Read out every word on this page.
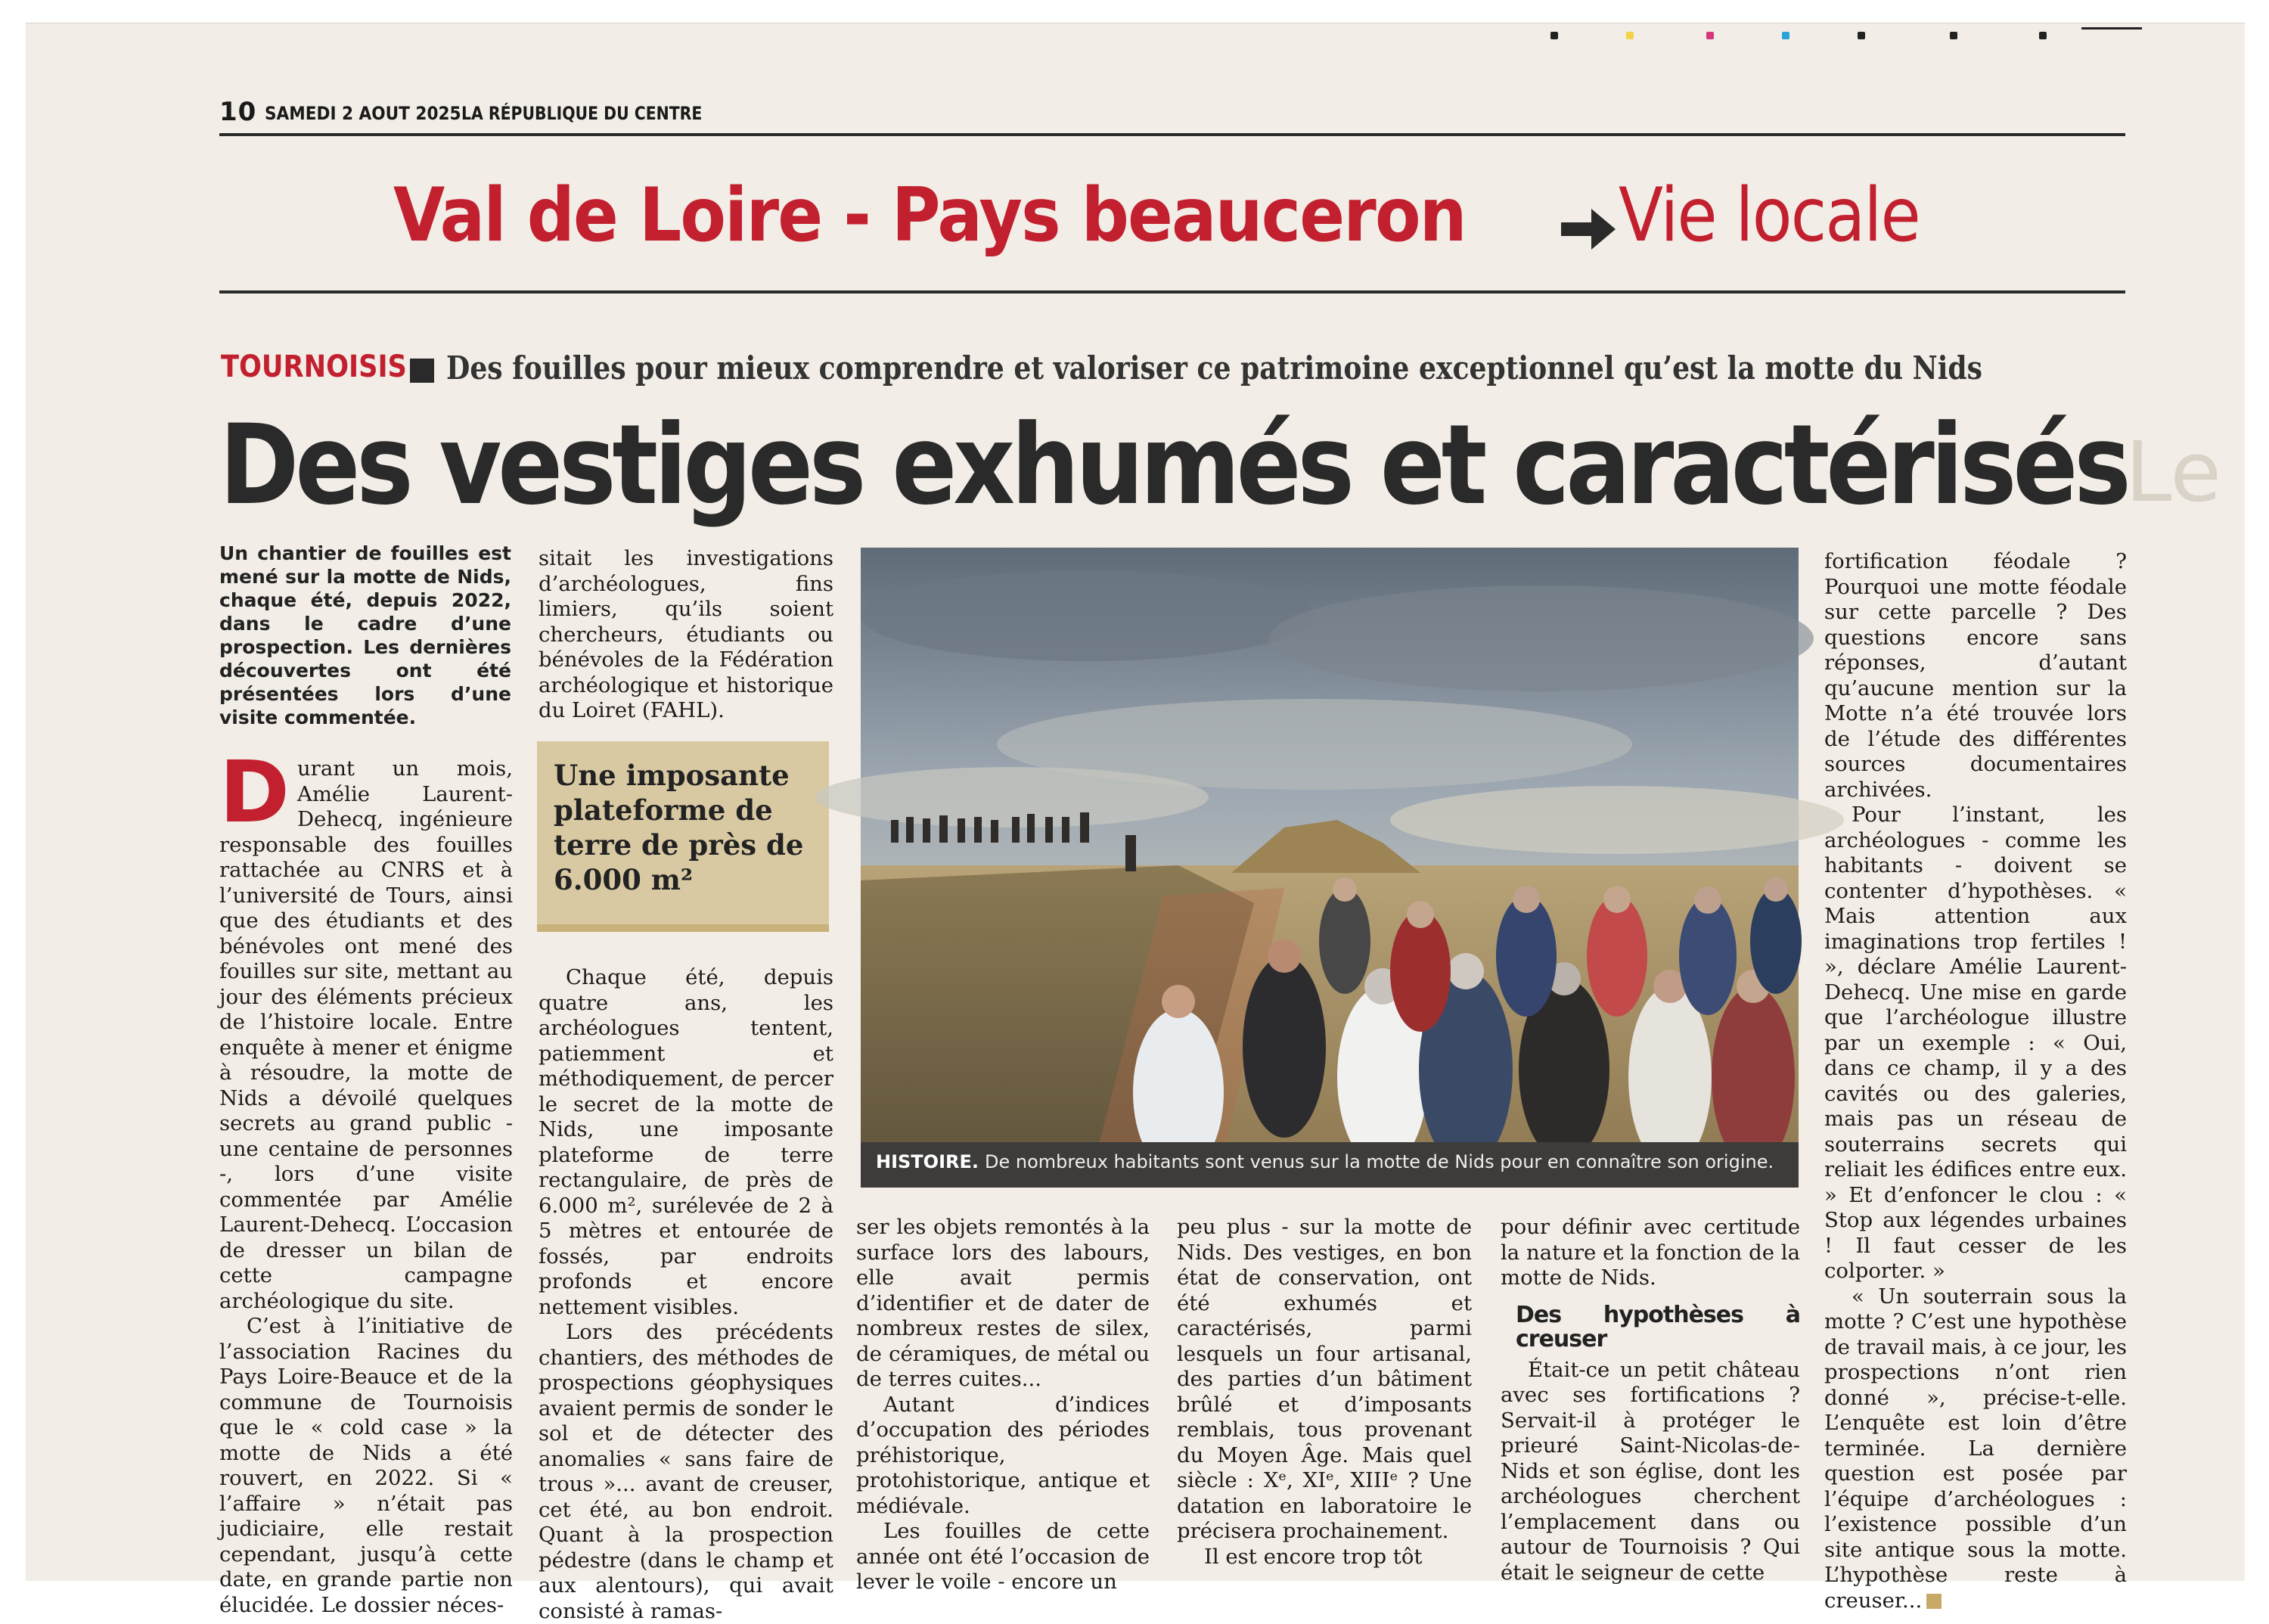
10 SAMEDI 2 AOUT 2025 LA RÉPUBLIQUE DU CENTRE
Val de Loire - Pays beauceron Vie locale
TOURNOISIS Des fouilles pour mieux comprendre et valoriser ce patrimoine exceptionnel qu’est la motte du Nids
Des vestiges exhumés et caractérisés
Le
Un chantier de fouilles est mené sur la motte de Nids, chaque été, depuis 2022, dans le cadre d’une prospection. Les dernières découvertes ont été présentées lors d’une visite commentée.

Durant un mois, Amélie Laurent-Dehecq, ingénieure responsable des fouilles rattachée au CNRS et à l’université de Tours, ainsi que des étudiants et des bénévoles ont mené des fouilles sur site, mettant au jour des éléments précieux de l’histoire locale. Entre enquête à mener et énigme à résoudre, la motte de Nids a dévoilé quelques secrets au grand public - une centaine de personnes -, lors d’une visite commentée par Amélie Laurent-Dehecq. L’occasion de dresser un bilan de cette campagne archéologique du site.

C’est à l’initiative de l’association Racines du Pays Loire-Beauce et de la commune de Tournoisis que le « cold case » la motte de Nids a été rouvert, en 2022. Si « l’affaire » n’était pas judiciaire, elle restait cependant, jusqu’à cette date, en grande partie non élucidée. Le dossier néces-

sitait les investigations d’archéologues, fins limiers, qu’ils soient chercheurs, étudiants ou bénévoles de la Fédération archéologique et historique du Loiret (FAHL).

Une imposante plateforme de terre de près de 6.000 m²

Chaque été, depuis quatre ans, les archéologues tentent, patiemment et méthodiquement, de percer le secret de la motte de Nids, une imposante plateforme de terre rectangulaire, de près de 6.000 m², surélevée de 2 à 5 mètres et entourée de fossés, par endroits profonds et encore nettement visibles.

Lors des précédents chantiers, des méthodes de prospections géophysiques avaient permis de sonder le sol et de détecter des anomalies « sans faire de trous »... avant de creuser, cet été, au bon endroit. Quant à la prospection pédestre (dans le champ et aux alentours), qui avait consisté à ramas-

HISTOIRE. De nombreux habitants sont venus sur la motte de Nids pour en connaître son origine.

ser les objets remontés à la surface lors des labours, elle avait permis d’identifier et de dater de nombreux restes de silex, de céramiques, de métal ou de terres cuites...

Autant d’indices d’occupation des périodes préhistorique, protohistorique, antique et médiévale.

Les fouilles de cette année ont été l’occasion de lever le voile - encore un

peu plus - sur la motte de Nids. Des vestiges, en bon état de conservation, ont été exhumés et caractérisés, parmi lesquels un four artisanal, des parties d’un bâtiment brûlé et d’imposants remblais, tous provenant du Moyen Âge. Mais quel siècle : Xᵉ, XIᵉ, XIIIᵉ ? Une datation en laboratoire le précisera prochainement.

Il est encore trop tôt

pour définir avec certitude la nature et la fonction de la motte de Nids.

Des hypothèses à creuser

Était-ce un petit château avec ses fortifications ? Servait-il à protéger le prieuré Saint-Nicolas-de-Nids et son église, dont les archéologues cherchent l’emplacement dans ou autour de Tournoisis ? Qui était le seigneur de cette

fortification féodale ? Pourquoi une motte féodale sur cette parcelle ? Des questions encore sans réponses, d’autant qu’aucune mention sur la Motte n’a été trouvée lors de l’étude des différentes sources documentaires archivées.

Pour l’instant, les archéologues - comme les habitants - doivent se contenter d’hypothèses. « Mais attention aux imaginations trop fertiles ! », déclare Amélie Laurent-Dehecq. Une mise en garde que l’archéologue illustre par un exemple : « Oui, dans ce champ, il y a des cavités ou des galeries, mais pas un réseau de souterrains secrets qui reliait les édifices entre eux. » Et d’enfoncer le clou : « Stop aux légendes urbaines ! Il faut cesser de les colporter. »

« Un souterrain sous la motte ? C’est une hypothèse de travail mais, à ce jour, les prospections n’ont rien donné », précise-t-elle. L’enquête est loin d’être terminée. La dernière question est posée par l’équipe d’archéologues : l’existence possible d’un site antique sous la motte. L’hypothèse reste à creuser...
